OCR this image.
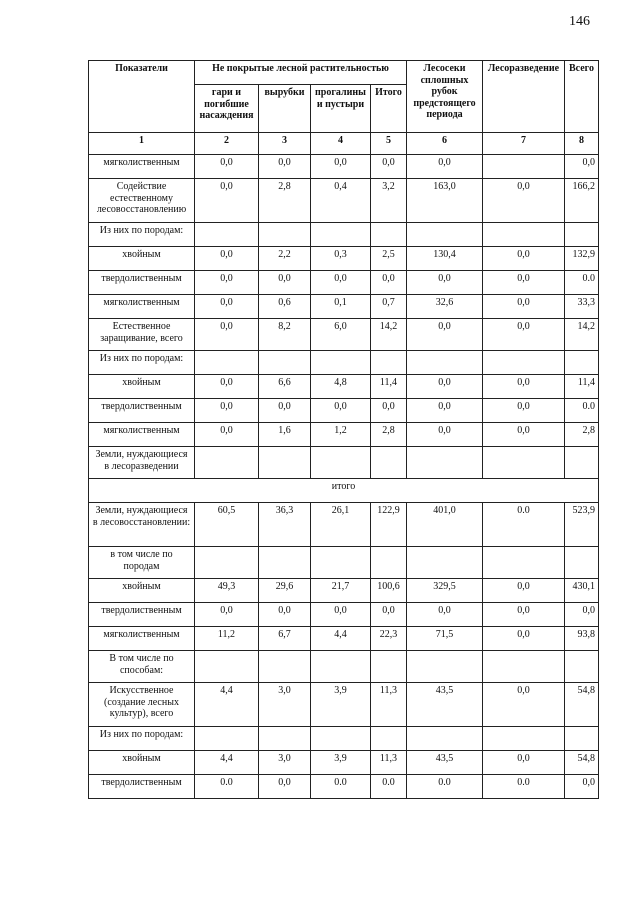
146
Показатели	Не покрытые лесной растительностью				Лесосеки сплошных рубок предстоящего периода	Лесоразведение	Всего
	гари и погибшие насаждения	вырубки	прогалины и пустыри	Итого			
1	2	3	4	5	6	7	8
мягколиственным	0,0	0,0	0,0	0,0	0,0		0,0
Содействие естественному лесовосстановлению	0,0	2,8	0,4	3,2	163,0	0,0	166,2
Из них по породам:							
хвойным	0,0	2,2	0,3	2,5	130,4	0,0	132,9
твердолиственным	0,0	0,0	0,0	0,0	0,0	0,0	0.0
мягколиственным	0,0	0,6	0,1	0,7	32,6	0,0	33,3
Естественное заращивание, всего	0,0	8,2	6,0	14,2	0,0	0,0	14,2
Из них по породам:							
хвойным	0,0	6,6	4,8	11,4	0,0	0,0	11,4
твердолиственным	0,0	0,0	0,0	0,0	0,0	0,0	0.0
мягколиственным	0,0	1,6	1,2	2,8	0,0	0,0	2,8
Земли, нуждающиеся в лесоразведении							
итого							
Земли, нуждающиеся в лесовосстановлении:	60,5	36,3	26,1	122,9	401,0	0.0	523,9
в том числе по породам							
хвойным	49,3	29,6	21,7	100,6	329,5	0,0	430,1
твердолиственным	0,0	0,0	0,0	0,0	0,0	0,0	0,0
мягколиственным	11,2	6,7	4,4	22,3	71,5	0,0	93,8
В том числе по способам:							
Искусственное (создание лесных культур), всего	4,4	3,0	3,9	11,3	43,5	0,0	54,8
Из них по породам:							
хвойным	4,4	3,0	3,9	11,3	43,5	0,0	54,8
твердолиственным	0.0	0,0	0.0	0.0	0.0	0.0	0,0
